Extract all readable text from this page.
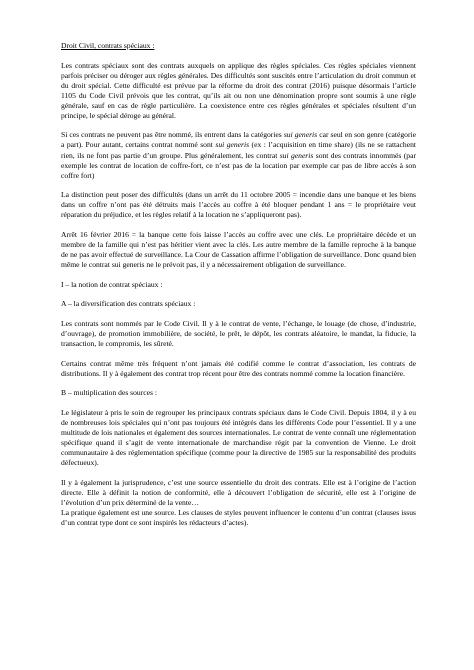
Droit Civil, contrats spéciaux :
Les contrats spéciaux sont des contrats auxquels on applique des règles spéciales. Ces règles spéciales viennent parfois préciser ou déroger aux règles générales. Des difficultés sont suscités entre l’articulation du droit commun et du droit spécial. Cette difficulté est prévue par la réforme du droit des contrat (2016) puisque désormais l’article 1105 du Code Civil prévois que les contrat, qu’ils ait ou non une dénomination propre sont soumis à une règle générale, sauf en cas de règle particulière. La coexistence entre ces règles générales et spéciales résultent d’un principe, le spécial déroge au général.
Si ces contrats ne peuvent pas être nommé, ils entrent dans la catégories sui generis car seul en son genre (catégorie a part). Pour autant, certains contrat nommé sont sui generis (ex : l’acquisition en time share) (ils ne se rattachent rien, ils ne font pas partie d’un groupe. Plus généralement, les contrat sui generis sont des contrats innommés (par exemple les contrat de location de coffre-fort, ce n’est pas de la location par exemple car pas de libre accès à son coffre fort)
La distinction peut poser des difficultés (dans un arrêt du 11 octobre 2005 = incendie dans une banque et les biens dans un coffre n’ont pas été détruits mais l’accès au coffre à été bloquer pendant 1 ans = le propriétaire veut réparation du préjudice, et les règles relatif à la location ne s’appliqueront pas).
Arrêt 16 février 2016 = la banque cette fois laisse l’accès au coffre avec une clés. Le propriétaire décède et un membre de la famille qui n’est pas héritier vient avec la clés. Les autre membre de la famille reproche à la banque de ne pas avoir effectué de surveillance. La Cour de Cassation affirme l’obligation de surveillance. Donc quand bien même le contrat sui generis ne le prévoit pas, il y a nécessairement obligation de surveillance.
I – la notion de contrat spéciaux :
A – la diversification des contrats spéciaux :
Les contrats sont nommés par le Code Civil. Il y à le contrat de vente, l’échange, le louage (de chose, d’industrie, d’ouvrage), de promotion immobilière, de société, le prêt, le dépôt, les contrats aléatoire, le mandat, la fiducie, la transaction, le compromis, les sûreté.
Certains contrat même très fréquent n’ont jamais été codifié comme le contrat d’association, les contrats de distributions. Il y à également des contrat trop récent pour être des contrats nommé comme la location financière.
B – multiplication des sources :
Le législateur à pris le soin de regrouper les principaux contrats spéciaux dans le Code Civil. Depuis 1804, il y à eu de nombreuses lois spéciales qui n’ont pas toujours été intégrés dans les différents Code pour l’essentiel. Il y a une multitude de lois nationales et également des sources internationales. Le contrat de vente connaît une réglementation spécifique quand il s’agit de vente internationale de marchandise régit par la convention de Vienne. Le droit communautaire à des réglementation spécifique (comme pour la directive de 1985 sur la responsabilité des produits défectueux).
Il y à également la jurisprudence, c’est une source essentielle du droit des contrats. Elle est à l’origine de l’action directe. Elle à définit la notion de conformité, elle à découvert l’obligation de sécurité, elle est à l’origine de l’évolution d’un prix déterminé de la vente…
La pratique également est une source. Les clauses de styles peuvent influencer le contenu d’un contrat (clauses issus d’un contrat type dont ce sont inspirés les rédacteurs d’actes).
